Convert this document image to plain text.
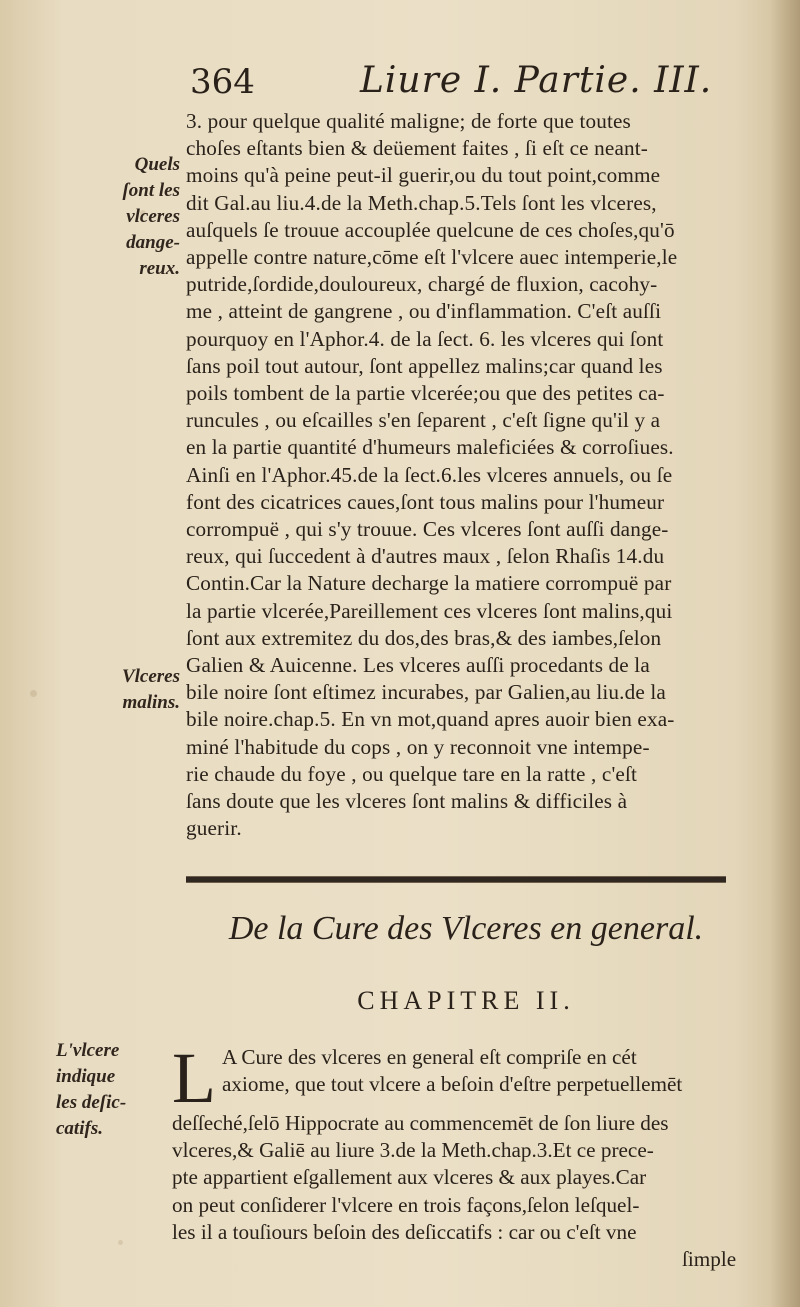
364	Liure I. Partie. III.
Quels
ſont les
vlceres
dange-
reux.
Vlceres
malins.
L'vlcere
indique
les deſic-
catifs.
3. pour quelque qualité maligne; de forte que toutes
choſes eſtants bien & deüement faites , ſi eſt ce neant-
moins qu'à peine peut-il guerir,ou du tout point,comme
dit Gal.au liu.4.de la Meth.chap.5.Tels ſont les vlceres,
auſquels ſe trouue accouplée quelcune de ces choſes,qu'ō
appelle contre nature,cōme eſt l'vlcere auec intemperie,le
putride,ſordide,douloureux, chargé de fluxion, cacohy-
me , atteint de gangrene , ou d'inflammation. C'eſt auſſi
pourquoy en l'Aphor.4. de la ſect. 6. les vlceres qui ſont
ſans poil tout autour, ſont appellez malins;car quand les
poils tombent de la partie vlcerée;ou que des petites ca-
runcules , ou eſcailles s'en ſeparent , c'eſt ſigne qu'il y a
en la partie quantité d'humeurs maleficiées & corroſiues.
Ainſi en l'Aphor.45.de la ſect.6.les vlceres annuels, ou ſe
font des cicatrices caues,ſont tous malins pour l'humeur
corrompuë , qui s'y trouue. Ces vlceres ſont auſſi dange-
reux, qui ſuccedent à d'autres maux , ſelon Rhaſis 14.du
Contin.Car la Nature decharge la matiere corrompuë par
la partie vlcerée,Pareillement ces vlceres ſont malins,qui
ſont aux extremitez du dos,des bras,& des iambes,ſelon
Galien & Auicenne. Les vlceres auſſi procedants de la
bile noire ſont eſtimez incurabes, par Galien,au liu.de la
bile noire.chap.5. En vn mot,quand apres auoir bien exa-
miné l'habitude du cops , on y reconnoit vne intempe-
rie chaude du foye , ou quelque tare en la ratte , c'eſt
ſans doute que les vlceres ſont malins & difficiles à
guerir.
De la Cure des Vlceres en general.
CHAPITRE II.
L A Cure des vlceres en general eſt compriſe en cét
axiome, que tout vlcere a beſoin d'eſtre perpetuellemēt
deſſeché,ſelō Hippocrate au commencemēt de ſon liure des
vlceres,& Galiē au liure 3.de la Meth.chap.3.Et ce prece-
pte appartient eſgallement aux vlceres & aux playes.Car
on peut conſiderer l'vlcere en trois façons,ſelon leſquel-
les il a touſiours beſoin des deſiccatifs : car ou c'eſt vne
ſimple
